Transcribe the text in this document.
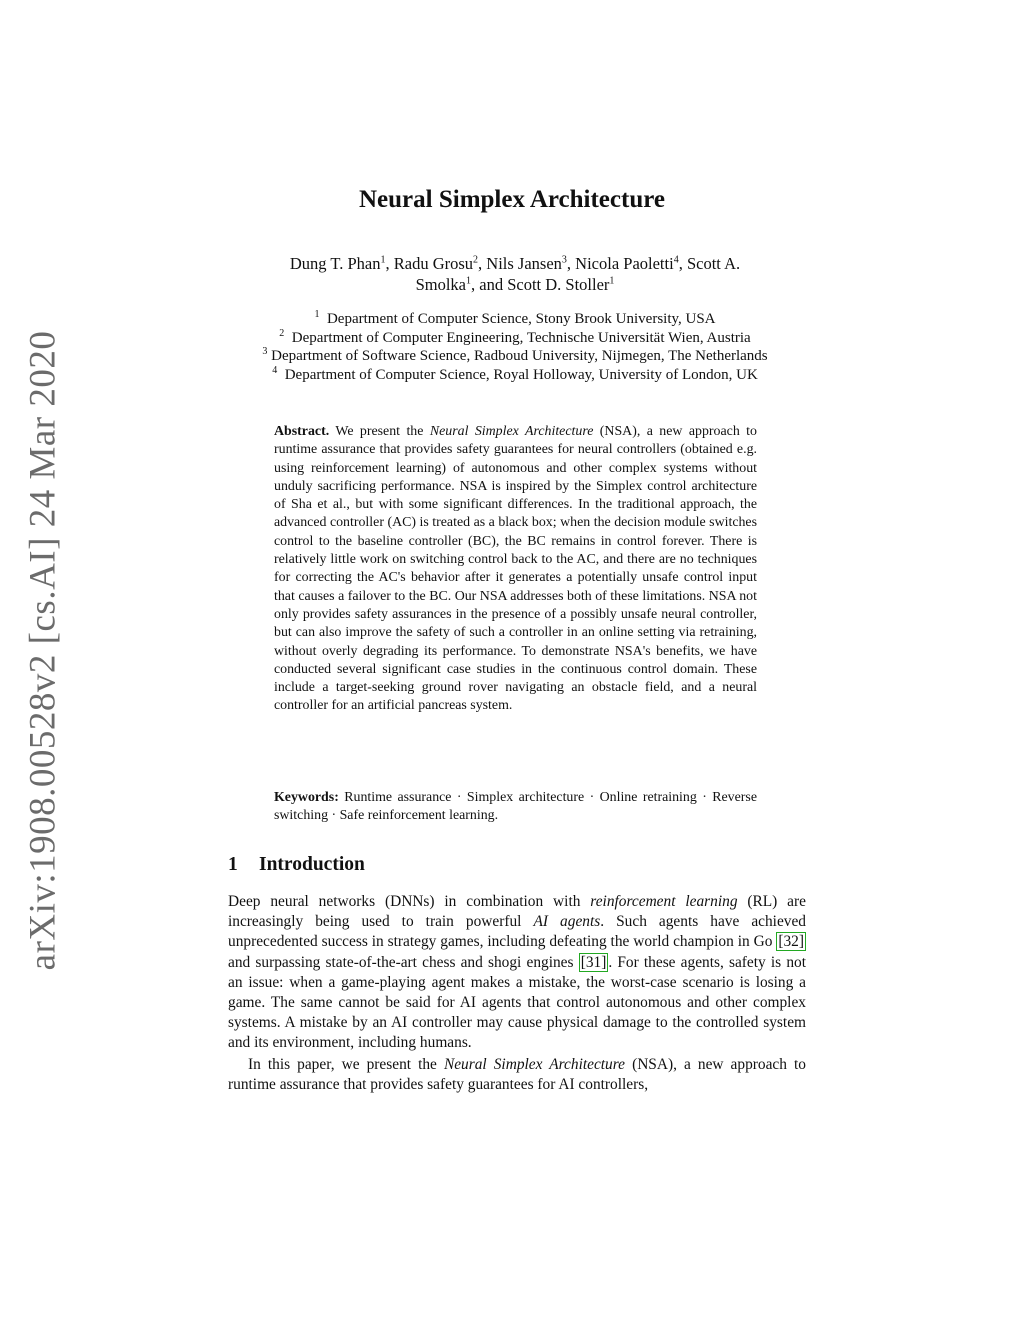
arXiv:1908.00528v2 [cs.AI] 24 Mar 2020
Neural Simplex Architecture
Dung T. Phan$^1$, Radu Grosu$^2$, Nils Jansen$^3$, Nicola Paoletti$^4$, Scott A. Smolka$^1$, and Scott D. Stoller$^1$
$^1$ Department of Computer Science, Stony Brook University, USA
$^2$ Department of Computer Engineering, Technische Universität Wien, Austria
$^3$ Department of Software Science, Radboud University, Nijmegen, The Netherlands
$^4$ Department of Computer Science, Royal Holloway, University of London, UK
Abstract. We present the Neural Simplex Architecture (NSA), a new approach to runtime assurance that provides safety guarantees for neural controllers (obtained e.g. using reinforcement learning) of autonomous and other complex systems without unduly sacrificing performance. NSA is inspired by the Simplex control architecture of Sha et al., but with some significant differences. In the traditional approach, the advanced controller (AC) is treated as a black box; when the decision module switches control to the baseline controller (BC), the BC remains in control forever. There is relatively little work on switching control back to the AC, and there are no techniques for correcting the AC's behavior after it generates a potentially unsafe control input that causes a failover to the BC. Our NSA addresses both of these limitations. NSA not only provides safety assurances in the presence of a possibly unsafe neural controller, but can also improve the safety of such a controller in an online setting via retraining, without overly degrading its performance. To demonstrate NSA's benefits, we have conducted several significant case studies in the continuous control domain. These include a target-seeking ground rover navigating an obstacle field, and a neural controller for an artificial pancreas system.
Keywords: Runtime assurance · Simplex architecture · Online retraining · Reverse switching · Safe reinforcement learning.
1 Introduction

Deep neural networks (DNNs) in combination with reinforcement learning (RL) are increasingly being used to train powerful AI agents. Such agents have achieved unprecedented success in strategy games, including defeating the world champion in Go [32] and surpassing state-of-the-art chess and shogi engines [31] . For these agents, safety is not an issue: when a game-playing agent makes a mistake, the worst-case scenario is losing a game. The same cannot be said for AI agents that control autonomous and other complex systems. A mistake by an AI controller may cause physical damage to the controlled system and its environment, including humans.

In this paper, we present the Neural Simplex Architecture (NSA), a new approach to runtime assurance that provides safety guarantees for AI controllers,
